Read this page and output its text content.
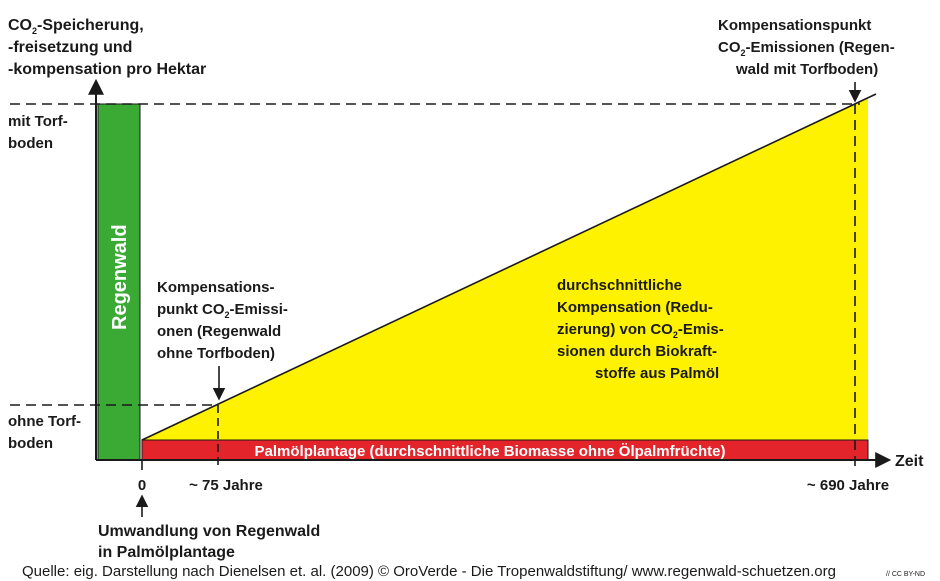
$CO_2$-Speicherung,
-freisetzung und
-kompensation pro Hektar
mit Torf-
boden
ohne Torf-
boden
Regenwald
Palmölplantage (durchschnittliche Biomasse ohne Ölpalmfrüchte)
Kompensations-
punkt $CO_2-Emissi-$
onen (Regenwald
ohne Torfboden)
Kompensationspunkt
$CO_2$-Emissionen (Regen-
wald mit Torfboden)
durchschnittliche
Kompensation (Redu-
zierung) von $CO_2-Emis-$
sionen durch Biokraft-
stoffe aus Palmöl
Zeit
0	~ 75 Jahre	~ 690 Jahre
Umwandlung von Regenwald
in Palmölplantage
Quelle: eig. Darstellung nach Dienelsen et. al. (2009) © OroVerde - Die Tropenwaldstiftung/ www.regenwald-schuetzen.org	// CC BY-ND
